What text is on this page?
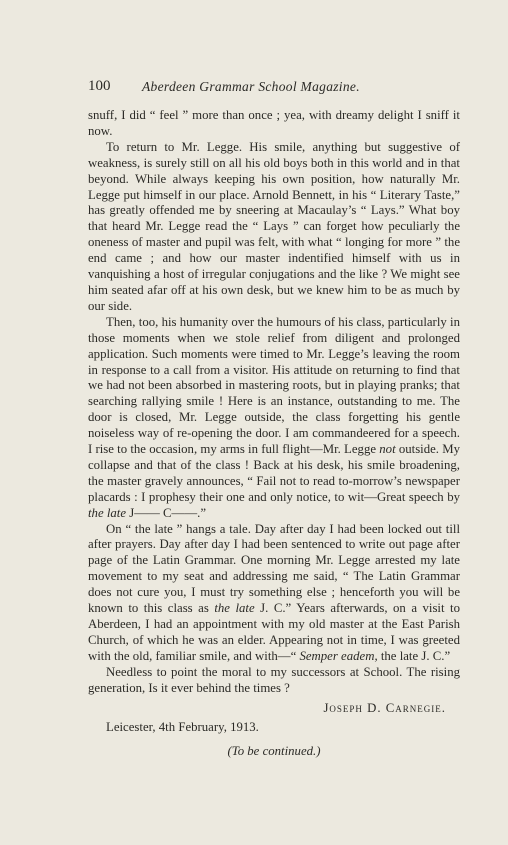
100 Aberdeen Grammar School Magazine.

snuff, I did “ feel ” more than once ; yea, with dreamy delight I sniff it now.

To return to Mr. Legge. His smile, anything but suggestive of weakness, is surely still on all his old boys both in this world and in that beyond. While always keeping his own position, how naturally Mr. Legge put himself in our place. Arnold Bennett, in his “ Literary Taste,” has greatly offended me by sneering at Macaulay’s “ Lays.” What boy that heard Mr. Legge read the “ Lays ” can forget how peculiarly the oneness of master and pupil was felt, with what “ longing for more ” the end came ; and how our master indentified himself with us in vanquishing a host of irregular conjugations and the like ? We might see him seated afar off at his own desk, but we knew him to be as much by our side.

Then, too, his humanity over the humours of his class, particularly in those moments when we stole relief from diligent and prolonged application. Such moments were timed to Mr. Legge’s leaving the room in response to a call from a visitor. His attitude on returning to find that we had not been absorbed in mastering roots, but in playing pranks; that searching rallying smile ! Here is an instance, outstanding to me. The door is closed, Mr. Legge outside, the class forgetting his gentle noiseless way of re-opening the door. I am commandeered for a speech. I rise to the occasion, my arms in full flight—Mr. Legge not outside. My collapse and that of the class ! Back at his desk, his smile broadening, the master gravely announces, “ Fail not to read to-morrow’s newspaper placards : I prophesy their one and only notice, to wit—Great speech by the late J—— C——.”

On “ the late ” hangs a tale. Day after day I had been locked out till after prayers. Day after day I had been sentenced to write out page after page of the Latin Grammar. One morning Mr. Legge arrested my late movement to my seat and addressing me said, “ The Latin Grammar does not cure you, I must try something else ; henceforth you will be known to this class as the late J. C.” Years afterwards, on a visit to Aberdeen, I had an appointment with my old master at the East Parish Church, of which he was an elder. Appearing not in time, I was greeted with the old, familiar smile, and with—“ Semper eadem, the late J. C.”

Needless to point the moral to my successors at School. The rising generation, Is it ever behind the times ?

Joseph D. Carnegie.

Leicester, 4th February, 1913.

(To be continued.)
